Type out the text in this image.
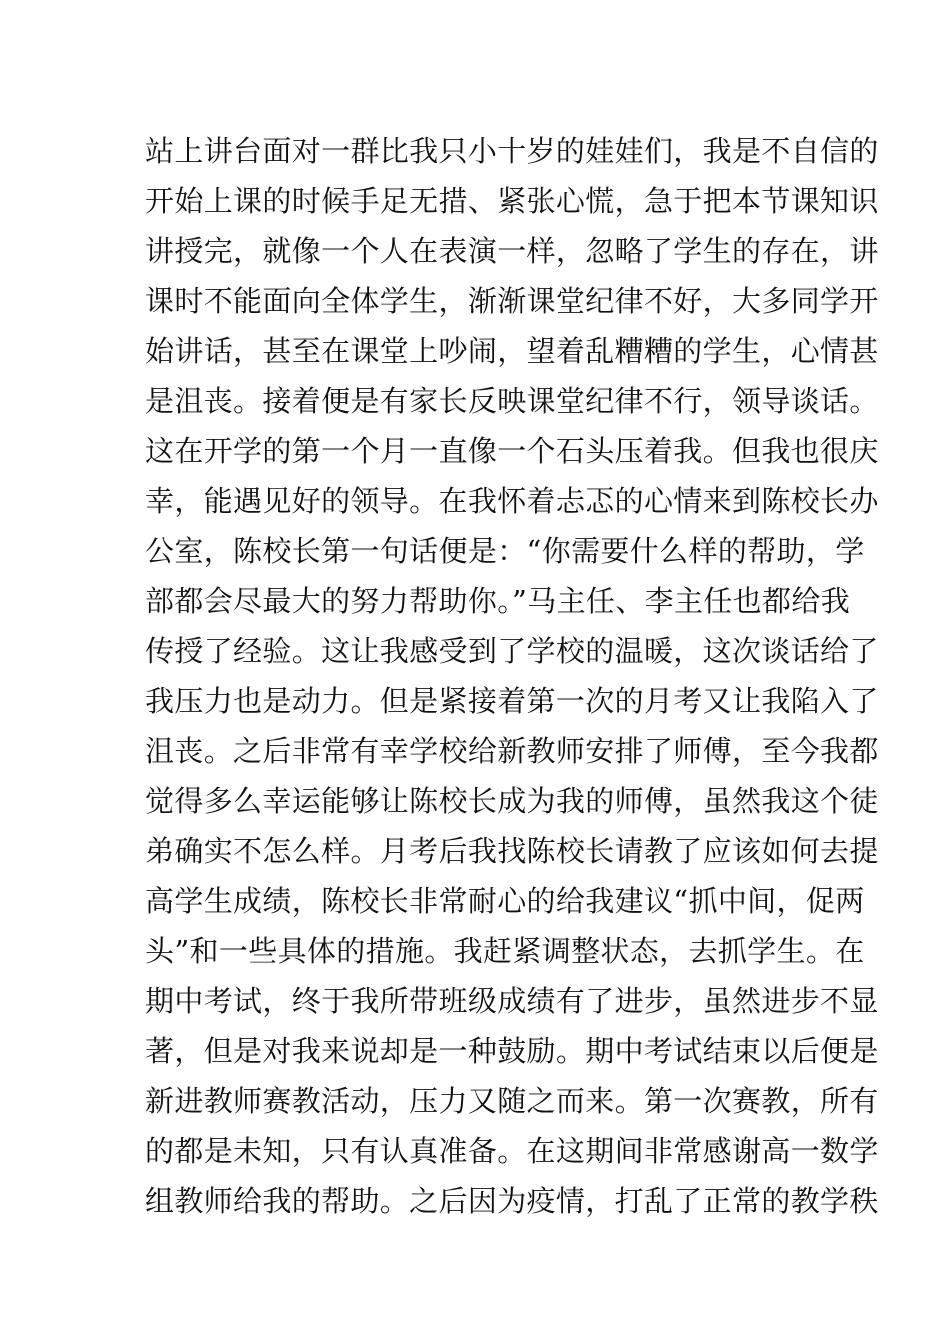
站上讲台面对一群比我只小十岁的娃娃们，我是不自信的
开始上课的时候手足无措、紧张心慌，急于把本节课知识
讲授完，就像一个人在表演一样，忽略了学生的存在，讲
课时不能面向全体学生，渐渐课堂纪律不好，大多同学开
始讲话，甚至在课堂上吵闹，望着乱糟糟的学生，心情甚
是沮丧。接着便是有家长反映课堂纪律不行，领导谈话。
这在开学的第一个月一直像一个石头压着我。但我也很庆
幸，能遇见好的领导。在我怀着忐忑的心情来到陈校长办
公室，陈校长第一句话便是：“你需要什么样的帮助，学
部都会尽最大的努力帮助你。”马主任、李主任也都给我
传授了经验。这让我感受到了学校的温暖，这次谈话给了
我压力也是动力。但是紧接着第一次的月考又让我陷入了
沮丧。之后非常有幸学校给新教师安排了师傅，至今我都
觉得多么幸运能够让陈校长成为我的师傅，虽然我这个徒
弟确实不怎么样。月考后我找陈校长请教了应该如何去提
高学生成绩，陈校长非常耐心的给我建议“抓中间，促两
头”和一些具体的措施。我赶紧调整状态，去抓学生。在
期中考试，终于我所带班级成绩有了进步，虽然进步不显
著，但是对我来说却是一种鼓励。期中考试结束以后便是
新进教师赛教活动，压力又随之而来。第一次赛教，所有
的都是未知，只有认真准备。在这期间非常感谢高一数学
组教师给我的帮助。之后因为疫情，打乱了正常的教学秩
